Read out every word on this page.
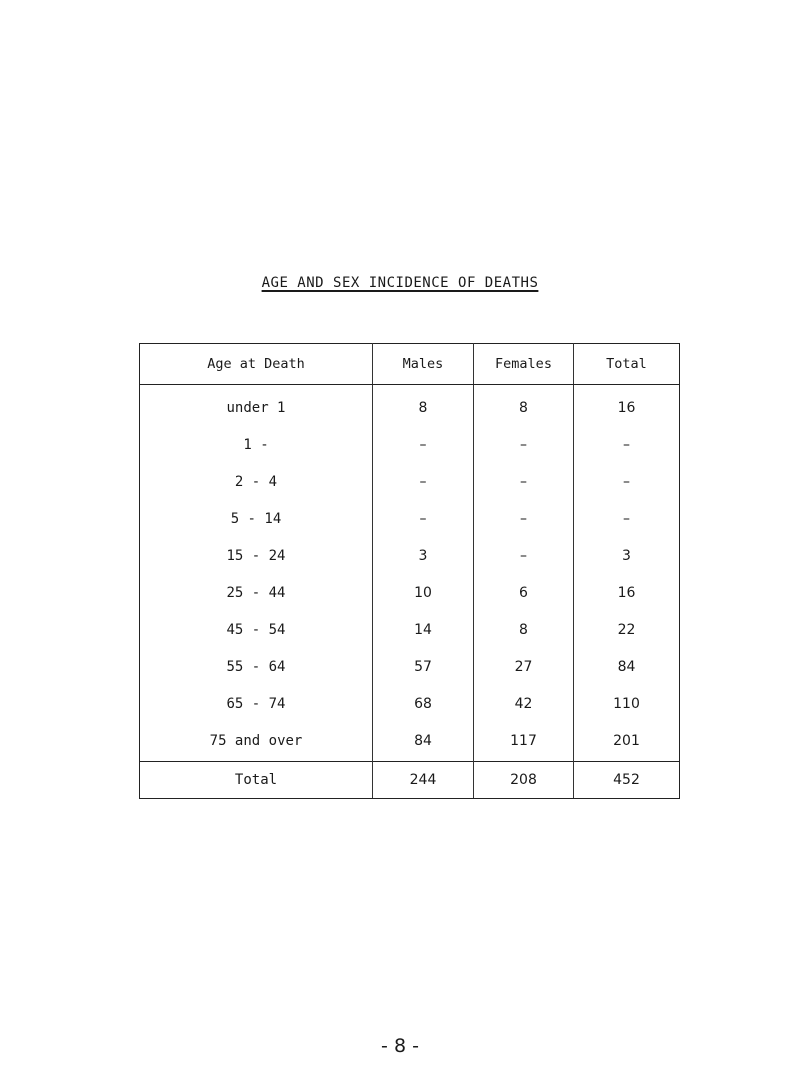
AGE AND SEX INCIDENCE OF DEATHS
Age at Death	Males	Females	Total
under 1	8	8	16
1 -	–	–	–
2 - 4	–	–	–
5 - 14	–	–	–
15 - 24	3	–	3
25 - 44	10	6	16
45 - 54	14	8	22
55 - 64	57	27	84
65 - 74	68	42	110
75 and over	84	117	201
Total	244	208	452
- 8 -
